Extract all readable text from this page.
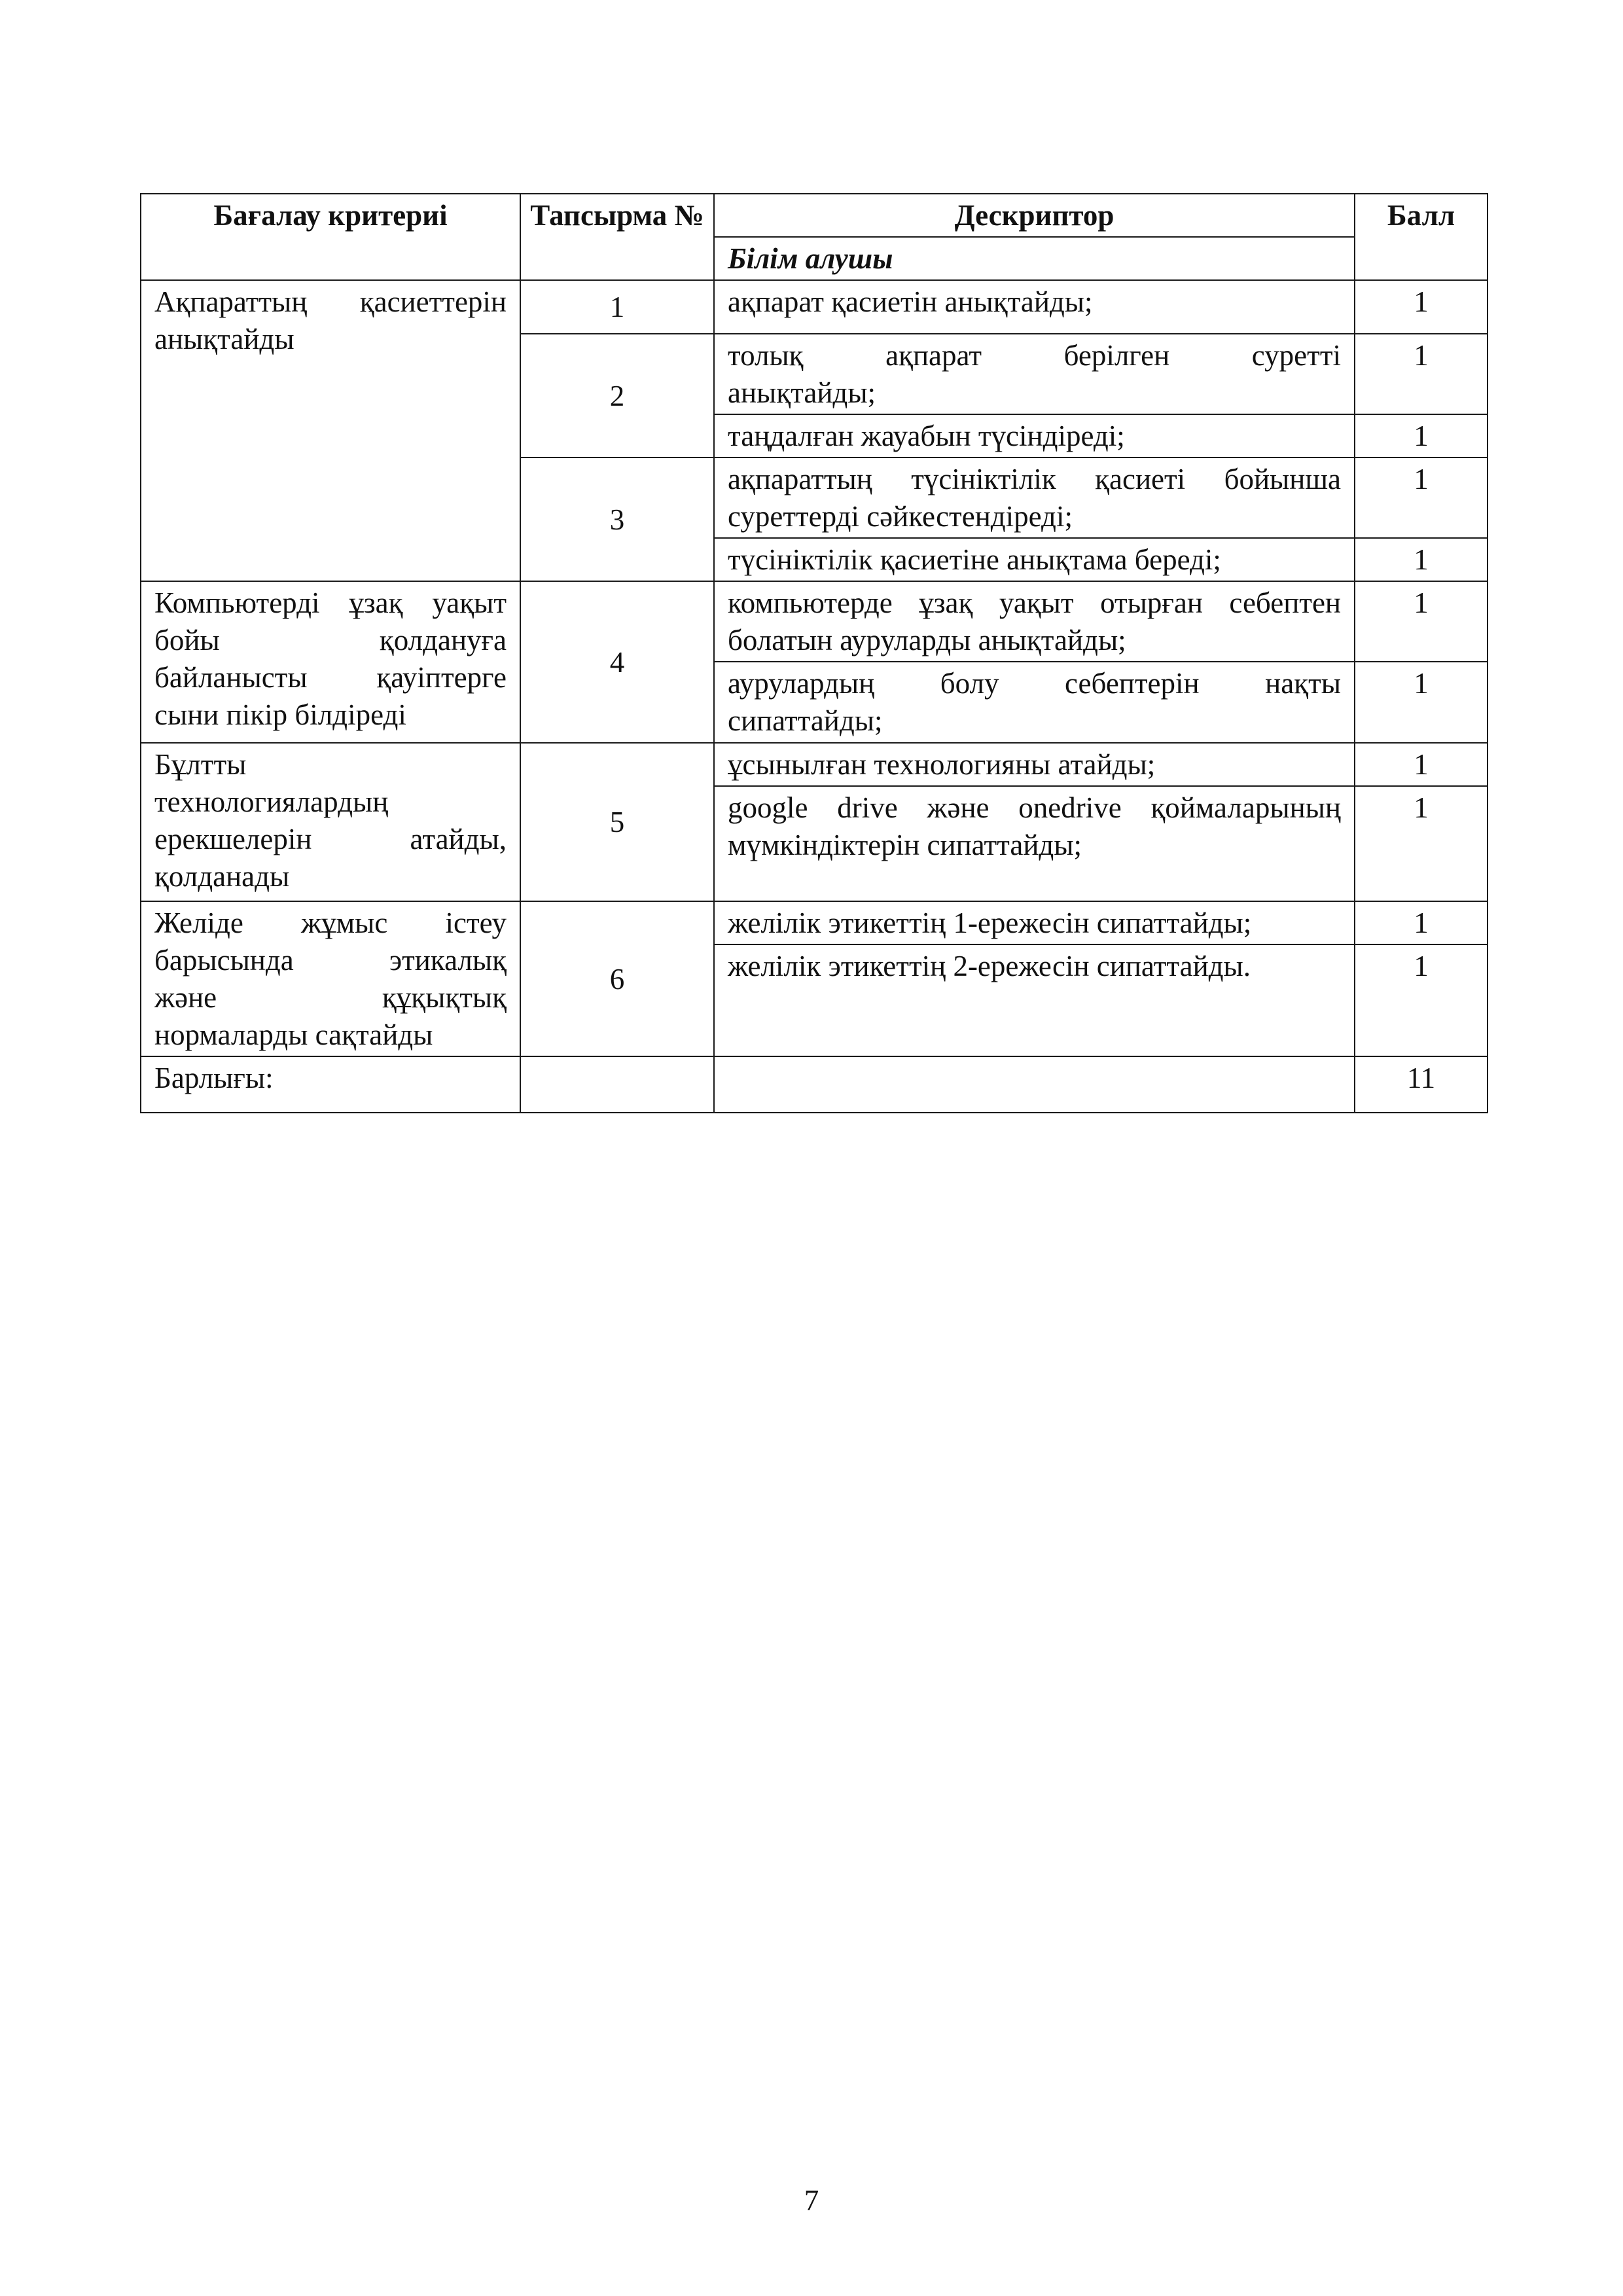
Бағалау критериі	Тапсырма №	Дескриптор	Балл
		Білім алушы	

Ақпараттың қасиеттерін
анықтайды	1	ақпарат қасиетін анықтайды;	1
	2	толық ақпарат берілген суретті
анықтайды;	1
		таңдалған жауабын түсіндіреді;	1
	3	ақпараттың түсініктілік қасиеті бойынша
суреттерді сәйкестендіреді;	1
		түсініктілік қасиетіне анықтама береді;	1

Компьютерді ұзақ уақыт
бойы қолдануға
байланысты қауіптерге
сыни пікір білдіреді	4	компьютерде ұзақ уақыт отырған себептен
болатын ауруларды анықтайды;	1

		аурулардың болу себептерін нақты
сипаттайды;	1

Бұлтты
технологиялардың
ерекшелерін атайды,
қолданады	5	ұсынылған технологияны атайды;	1

		google drive және onedrive қоймаларының
мүмкіндіктерін сипаттайды;	1

Желіде жұмыс істеу
барысында этикалық
және құқықтық
нормаларды сақтайды	6	желілік этикеттің 1-ережесін сипаттайды;	1
		желілік этикеттің 2-ережесін сипаттайды.	1
Барлығы:			11
7
